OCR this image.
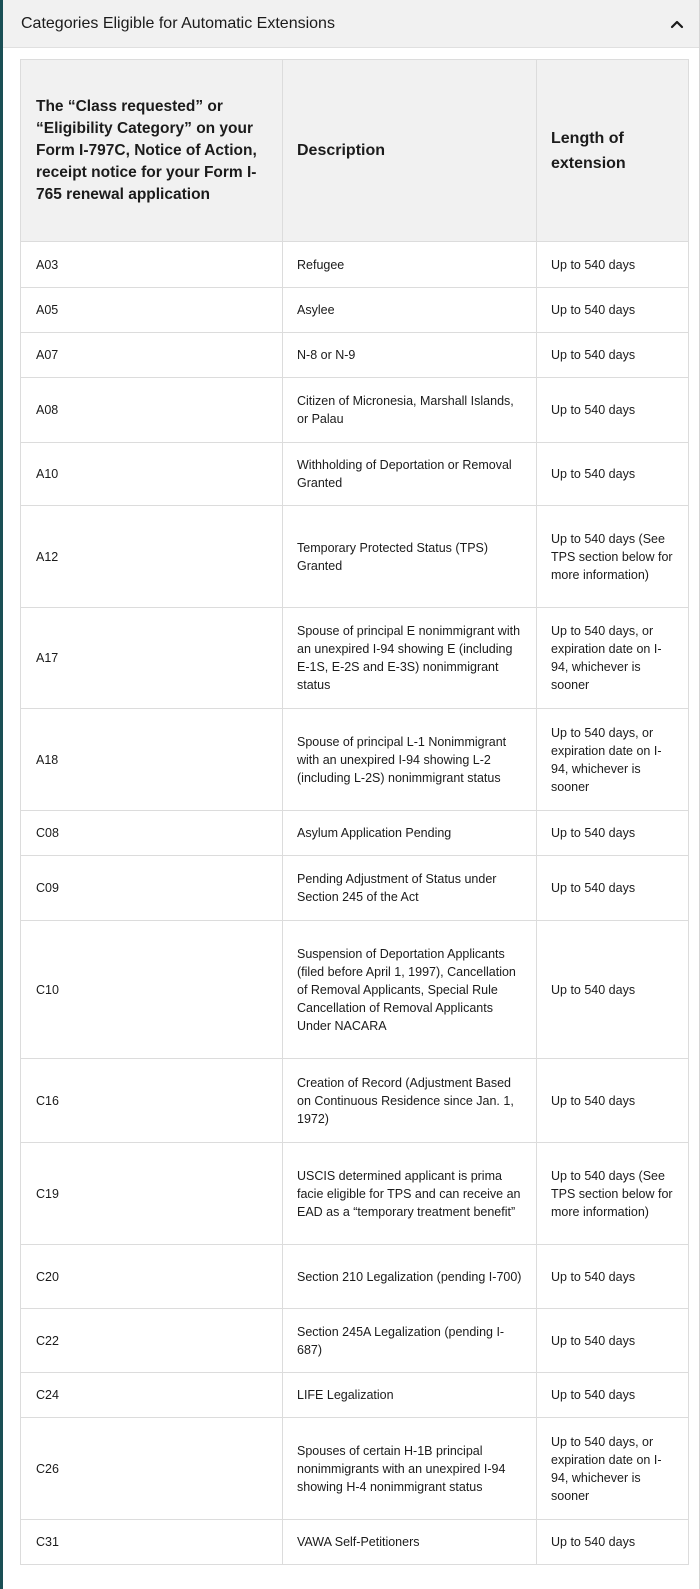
Categories Eligible for Automatic Extensions
The “Class requested” or “Eligibility Category” on your Form I-797C, Notice of Action, receipt notice for your Form I-765 renewal application	Description	Length of extension
A03	Refugee	Up to 540 days
A05	Asylee	Up to 540 days
A07	N-8 or N-9	Up to 540 days
A08	Citizen of Micronesia, Marshall Islands, or Palau	Up to 540 days
A10	Withholding of Deportation or Removal Granted	Up to 540 days
A12	Temporary Protected Status (TPS) Granted	Up to 540 days (See TPS section below for more information)
A17	Spouse of principal E nonimmigrant with an unexpired I-94 showing E (including E-1S, E-2S and E-3S) nonimmigrant status	Up to 540 days, or expiration date on I-94, whichever is sooner
A18	Spouse of principal L-1 Nonimmigrant with an unexpired I-94 showing L-2 (including L-2S) nonimmigrant status	Up to 540 days, or expiration date on I-94, whichever is sooner
C08	Asylum Application Pending	Up to 540 days
C09	Pending Adjustment of Status under Section 245 of the Act	Up to 540 days
C10	Suspension of Deportation Applicants (filed before April 1, 1997), Cancellation of Removal Applicants, Special Rule Cancellation of Removal Applicants Under NACARA	Up to 540 days
C16	Creation of Record (Adjustment Based on Continuous Residence since Jan. 1, 1972)	Up to 540 days
C19	USCIS determined applicant is prima facie eligible for TPS and can receive an EAD as a “temporary treatment benefit”	Up to 540 days (See TPS section below for more information)
C20	Section 210 Legalization (pending I-700)	Up to 540 days
C22	Section 245A Legalization (pending I-687)	Up to 540 days
C24	LIFE Legalization	Up to 540 days
C26	Spouses of certain H-1B principal nonimmigrants with an unexpired I-94 showing H-4 nonimmigrant status	Up to 540 days, or expiration date on I-94, whichever is sooner
C31	VAWA Self-Petitioners	Up to 540 days
